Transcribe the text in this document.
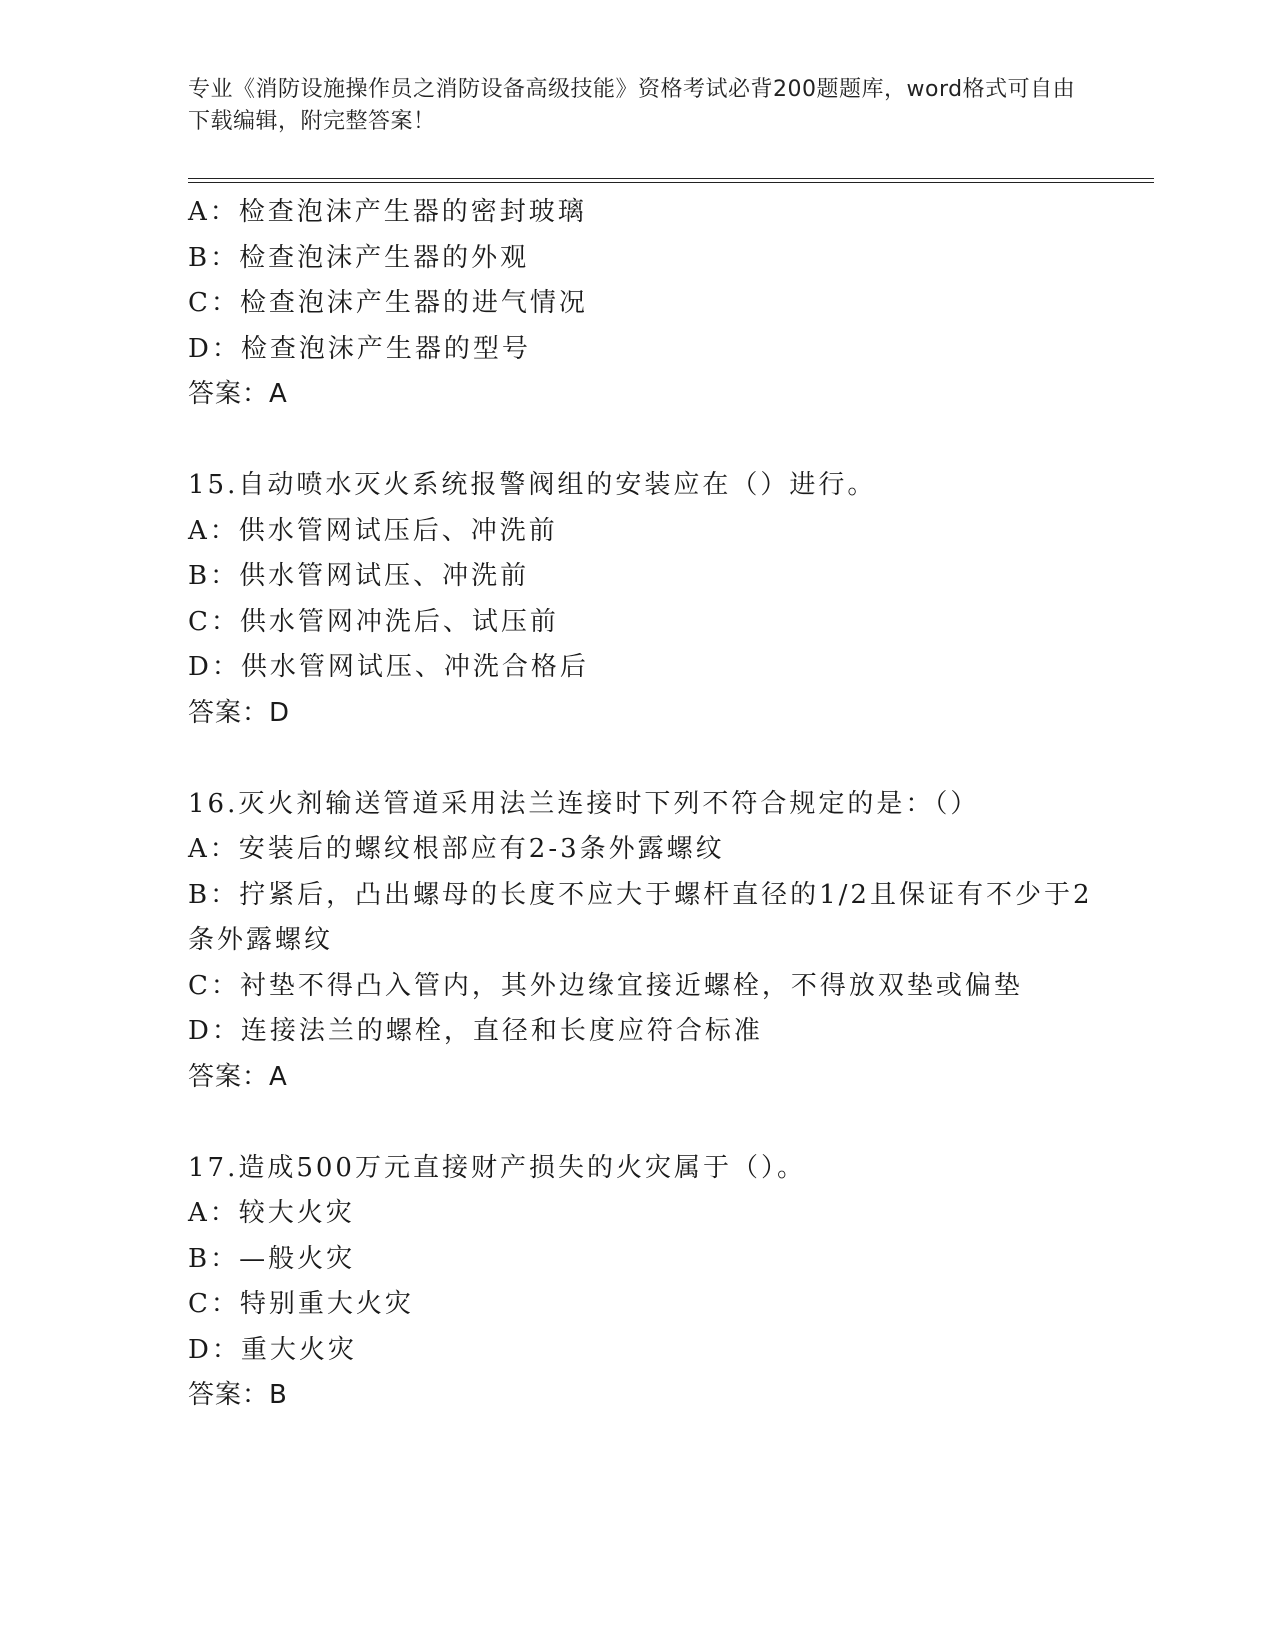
专业《消防设施操作员之消防设备高级技能》资格考试必背200题题库，word格式可自由下载编辑，附完整答案！
A：检查泡沫产生器的密封玻璃
B：检查泡沫产生器的外观
C：检查泡沫产生器的进气情况
D：检查泡沫产生器的型号
答案：A
15.自动喷水灭火系统报警阀组的安装应在（）进行。
A：供水管网试压后、冲洗前
B：供水管网试压、冲洗前
C：供水管网冲洗后、试压前
D：供水管网试压、冲洗合格后
答案：D
16.灭火剂输送管道采用法兰连接时下列不符合规定的是：（）
A：安装后的螺纹根部应有2-3条外露螺纹
B：拧紧后，凸出螺母的长度不应大于螺杆直径的1/2且保证有不少于2条外露螺纹
C：衬垫不得凸入管内，其外边缘宜接近螺栓，不得放双垫或偏垫
D：连接法兰的螺栓，直径和长度应符合标准
答案：A
17.造成500万元直接财产损失的火灾属于（）。
A：较大火灾
B：—般火灾
C：特别重大火灾
D：重大火灾
答案：B
